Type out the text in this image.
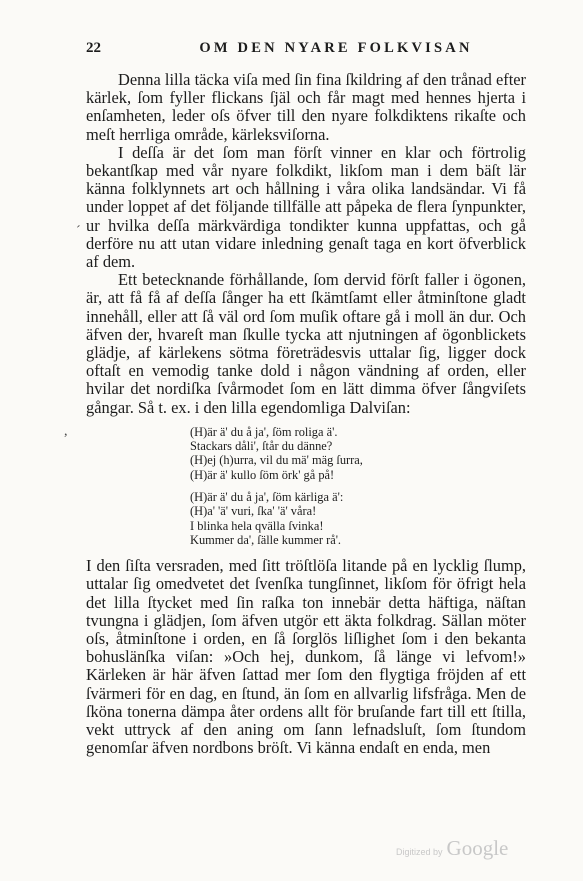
22	OM DEN NYARE FOLKVISAN

Denna lilla täcka viſa med ſin fina ſkildring af den trånad efter kärlek, ſom fyller flickans ſjäl och får magt med hennes hjerta i enſamheten, leder oſs öfver till den nyare folkdiktens rikaſte och meſt herrliga område, kärleksviſorna.

I deſſa är det ſom man förſt vinner en klar och förtrolig bekantſkap med vår nyare folkdikt, likſom man i dem bäſt lär känna folklynnets art och hållning i våra olika landsändar. Vi få under loppet af det följande tillfälle att påpeka de flera ſynpunkter, ur hvilka deſſa märkvärdiga tondikter kunna uppfattas, och gå derföre nu att utan vidare inledning genaſt taga en kort öfverblick af dem.

Ett betecknande förhållande, ſom dervid förſt faller i ögonen, är, att få få af deſſa ſånger ha ett ſkämtſamt eller åtminſtone gladt innehåll, eller att ſå väl ord ſom muſik oftare gå i moll än dur. Och äfven der, hvareſt man ſkulle tycka att njutningen af ögonblickets glädje, af kärlekens sötma företrädesvis uttalar ſig, ligger dock oftaſt en vemodig tanke dold i någon vändning af orden, eller hvilar det nordiſka ſvårmodet ſom en lätt dimma öfver ſångviſets gångar. Så t. ex. i den lilla egendomliga Dalviſan:

(H)är ä' du å ja', ſöm roliga ä'.
Stackars dåli', ſtår du dänne?
(H)ej (h)urra, vil du mä' mäg ſurra,
(H)är ä' kullo ſöm örk' gå på!
(H)är ä' du å ja', ſöm kärliga ä':
(H)a' 'ä' vuri, ſka' 'ä' våra!
I blinka hela qvälla ſvinka!
Kummer da', ſälle kummer rå'.

I den ſiſta versraden, med ſitt tröſtlöſa litande på en lycklig ſlump, uttalar ſig omedvetet det ſvenſka tungſinnet, likſom för öfrigt hela det lilla ſtycket med ſin raſka ton innebär detta häftiga, näſtan tvungna i glädjen, ſom äfven utgör ett äkta folkdrag. Sällan möter oſs, åtminſtone i orden, en ſå ſorglös liſlighet ſom i den bekanta bohuslänſka viſan: »Och hej, dunkom, ſå länge vi lefvom!» Kärleken är här äfven ſattad mer ſom den flygtiga fröjden af ett ſvärmeri för en dag, en ſtund, än ſom en allvarlig lifsfråga. Men de ſköna tonerna dämpa åter ordens allt för bruſande fart till ett ſtilla, vekt uttryck af den aning om ſann lefnadsluſt, ſom ſtundom genomſar äfven nordbons bröſt. Vi känna endaſt en enda, men

´
,
Digitized by Google
